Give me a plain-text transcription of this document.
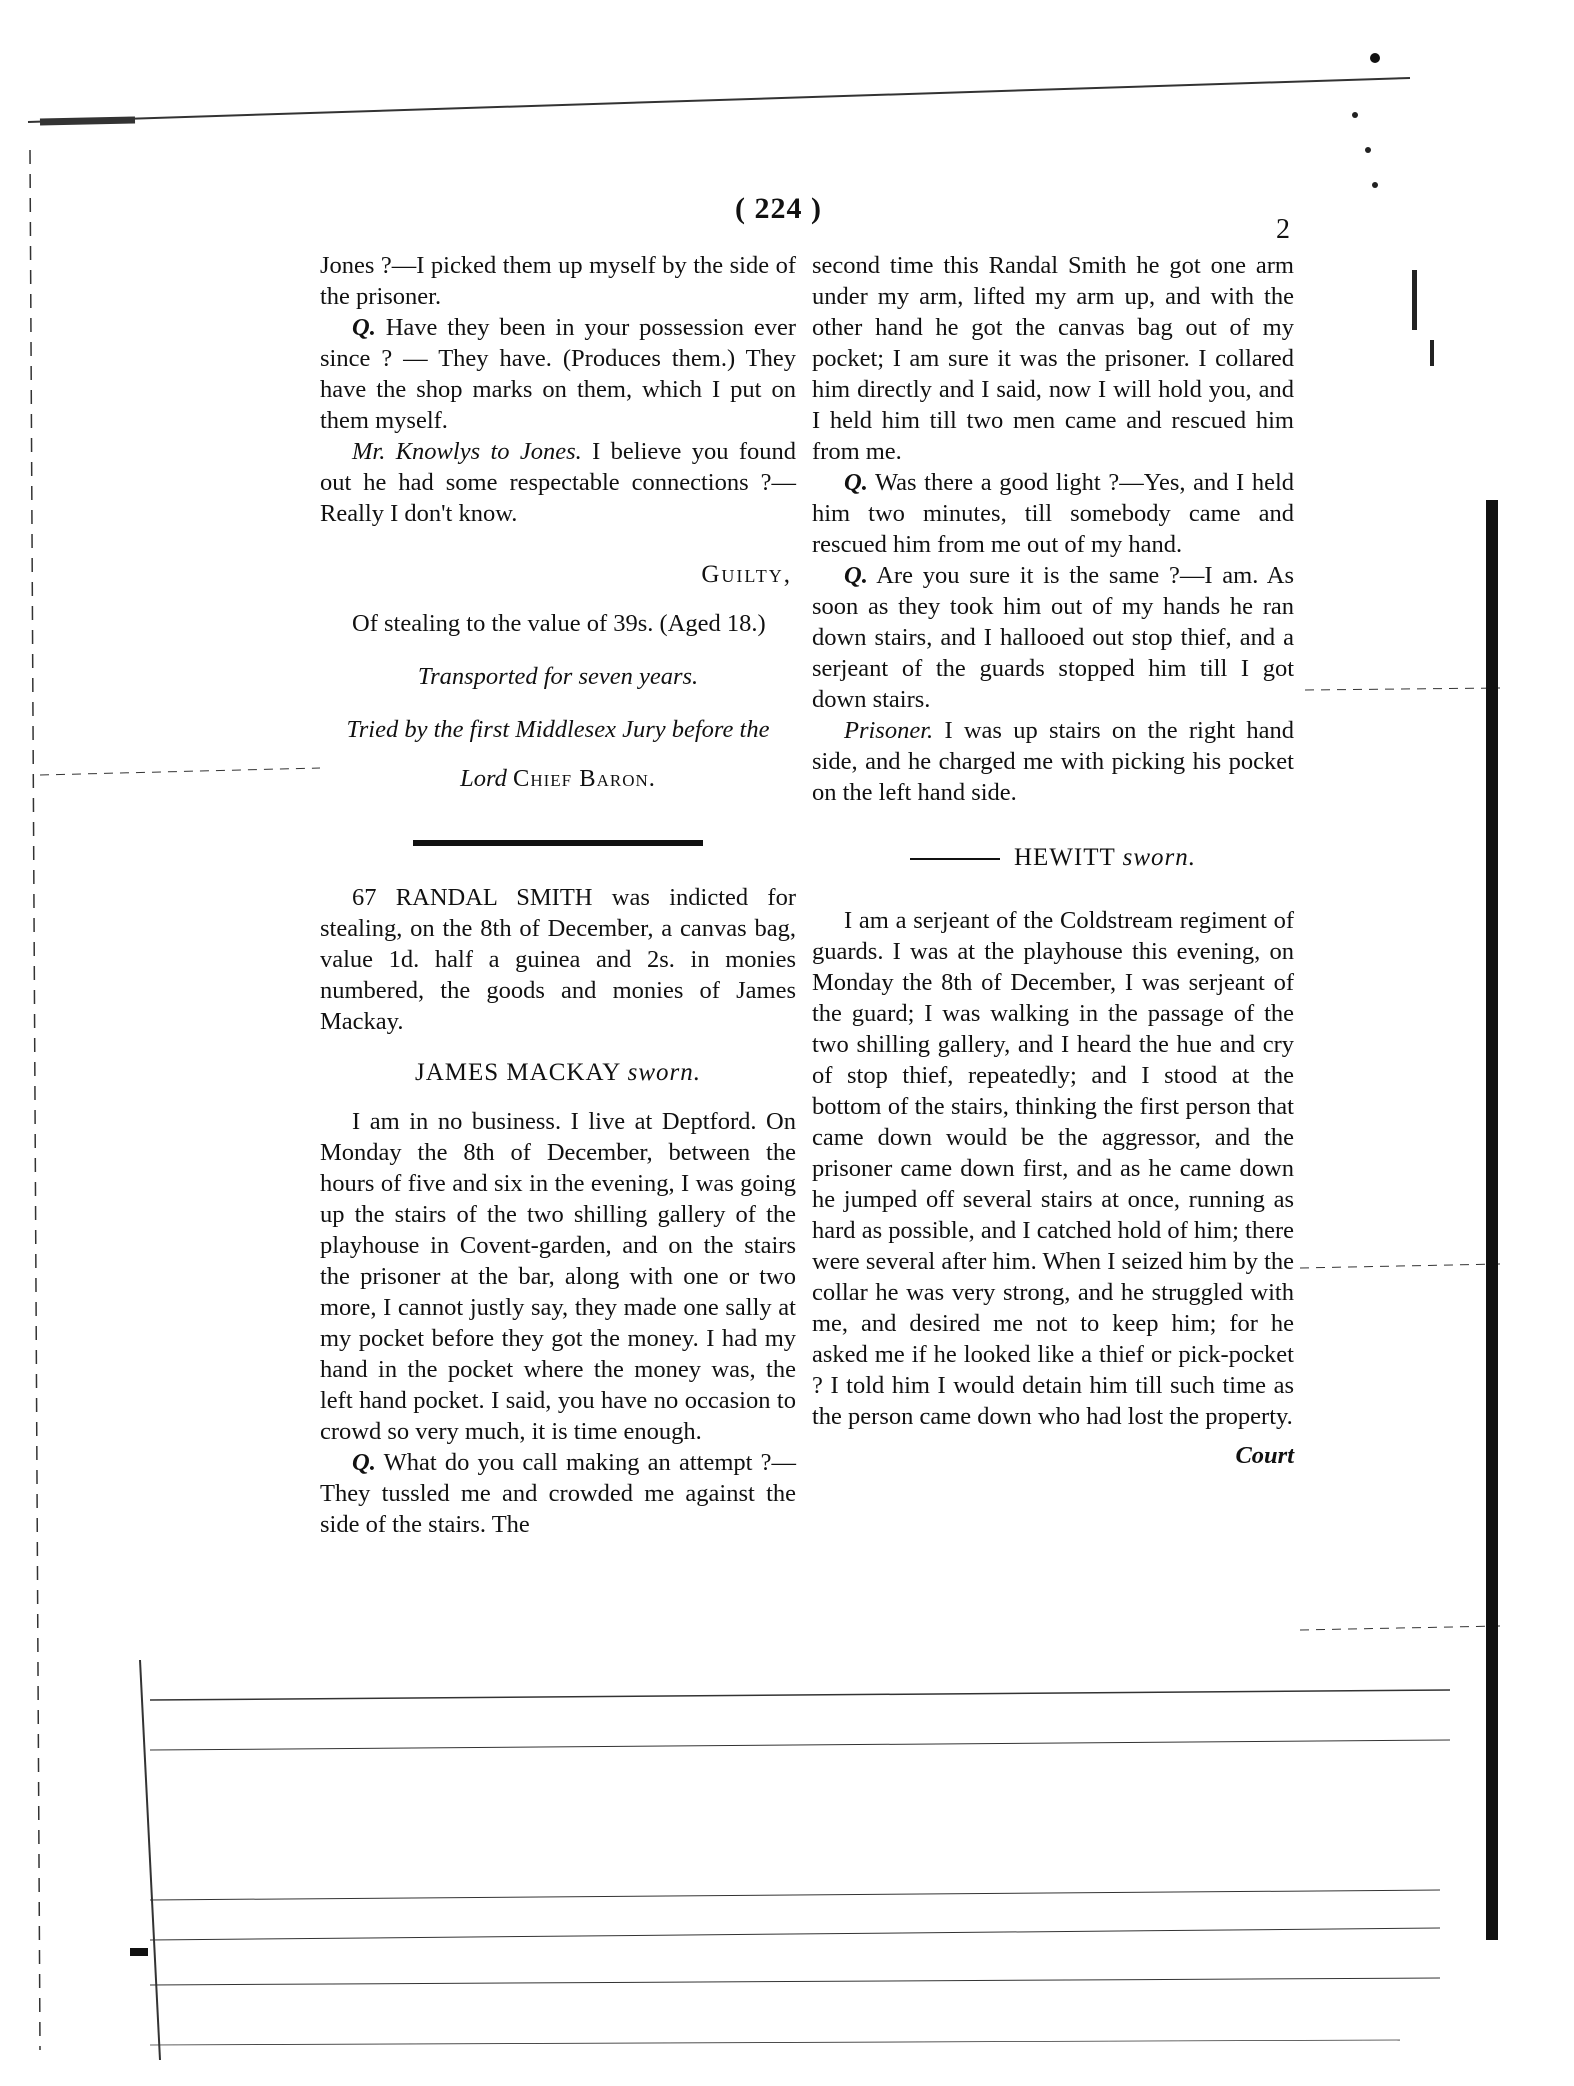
( 224 )
2

Jones ?—I picked them up myself by the side of the prisoner.

Q. Have they been in your possession ever since ? — They have. (Produces them.) They have the shop marks on them, which I put on them myself.

Mr. Knowlys to Jones. I believe you found out he had some respectable connections ?—Really I don't know.

Guilty,

Of stealing to the value of 39s. (Aged 18.)

Transported for seven years.

Tried by the first Middlesex Jury before the

Lord Chief Baron.

67 RANDAL SMITH was indicted for stealing, on the 8th of December, a canvas bag, value 1d. half a guinea and 2s. in monies numbered, the goods and monies of James Mackay.

JAMES MACKAY sworn.

I am in no business. I live at Deptford. On Monday the 8th of December, between the hours of five and six in the evening, I was going up the stairs of the two shilling gallery of the playhouse in Covent-garden, and on the stairs the prisoner at the bar, along with one or two more, I cannot justly say, they made one sally at my pocket before they got the money. I had my hand in the pocket where the money was, the left hand pocket. I said, you have no occasion to crowd so very much, it is time enough.

Q. What do you call making an attempt ?—They tussled me and crowded me against the side of the stairs. The

second time this Randal Smith he got one arm under my arm, lifted my arm up, and with the other hand he got the canvas bag out of my pocket; I am sure it was the prisoner. I collared him directly and I said, now I will hold you, and I held him till two men came and rescued him from me.

Q. Was there a good light ?—Yes, and I held him two minutes, till somebody came and rescued him from me out of my hand.

Q. Are you sure it is the same ?—I am. As soon as they took him out of my hands he ran down stairs, and I hallooed out stop thief, and a serjeant of the guards stopped him till I got down stairs.

Prisoner. I was up stairs on the right hand side, and he charged me with picking his pocket on the left hand side.

HEWITT sworn.

I am a serjeant of the Coldstream regiment of guards. I was at the playhouse this evening, on Monday the 8th of December, I was serjeant of the guard; I was walking in the passage of the two shilling gallery, and I heard the hue and cry of stop thief, repeatedly; and I stood at the bottom of the stairs, thinking the first person that came down would be the aggressor, and the prisoner came down first, and as he came down he jumped off several stairs at once, running as hard as possible, and I catched hold of him; there were several after him. When I seized him by the collar he was very strong, and he struggled with me, and desired me not to keep him; for he asked me if he looked like a thief or pick-pocket ? I told him I would detain him till such time as the person came down who had lost the property.

Court
